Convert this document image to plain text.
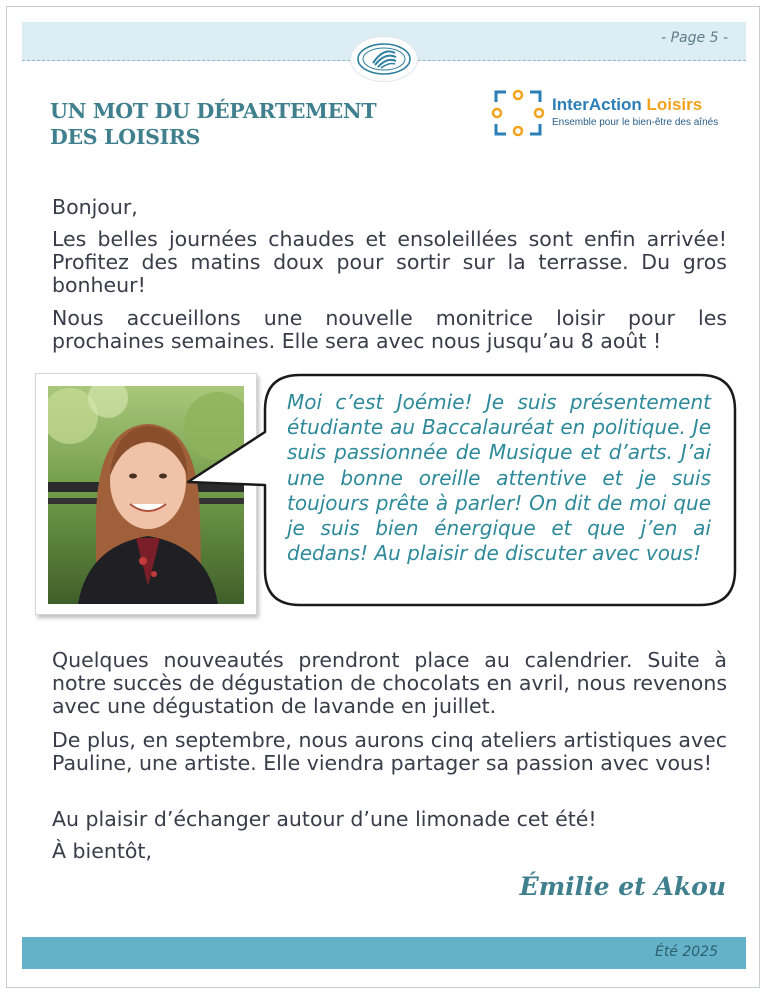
- Page 5 -
UN MOT DU DÉPARTEMENT
DES LOISIRS
InterAction Loisirs
Ensemble pour le bien-être des aînés
Bonjour,
Les belles journées chaudes et ensoleillées sont enfin arrivée! Profitez des matins doux pour sortir sur la terrasse. Du gros bonheur!
Nous accueillons une nouvelle monitrice loisir pour les prochaines semaines. Elle sera avec nous jusqu’au 8 août !
Moi c’est Joémie! Je suis présentement étudiante au Baccalauréat en politique. Je suis passionnée de Musique et d’arts. J’ai une bonne oreille attentive et je suis toujours prête à parler! On dit de moi que je suis bien énergique et que j’en ai dedans! Au plaisir de discuter avec vous!
Quelques nouveautés prendront place au calendrier. Suite à notre succès de dégustation de chocolats en avril, nous revenons avec une dégustation de lavande en juillet.
De plus, en septembre, nous aurons cinq ateliers artistiques avec Pauline, une artiste. Elle viendra partager sa passion avec vous!
Au plaisir d’échanger autour d’une limonade cet été!
À bientôt,
Émilie et Akou
Été 2025
